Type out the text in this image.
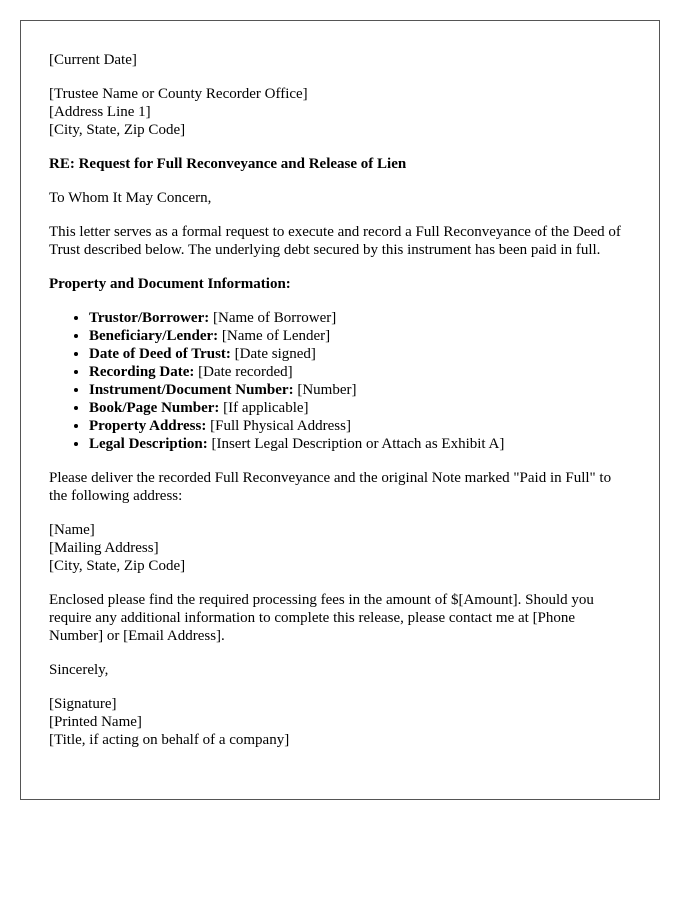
[Current Date]

[Trustee Name or County Recorder Office]
[Address Line 1]
[City, State, Zip Code]

RE: Request for Full Reconveyance and Release of Lien

To Whom It May Concern,

This letter serves as a formal request to execute and record a Full Reconveyance of the Deed of Trust described below. The underlying debt secured by this instrument has been paid in full.

Property and Document Information:

• Trustor/Borrower: [Name of Borrower]
• Beneficiary/Lender: [Name of Lender]
• Date of Deed of Trust: [Date signed]
• Recording Date: [Date recorded]
• Instrument/Document Number: [Number]
• Book/Page Number: [If applicable]
• Property Address: [Full Physical Address]
• Legal Description: [Insert Legal Description or Attach as Exhibit A]

Please deliver the recorded Full Reconveyance and the original Note marked "Paid in Full" to the following address:

[Name]
[Mailing Address]
[City, State, Zip Code]

Enclosed please find the required processing fees in the amount of $[Amount]. Should you require any additional information to complete this release, please contact me at [Phone Number] or [Email Address].

Sincerely,

[Signature]
[Printed Name]
[Title, if acting on behalf of a company]
